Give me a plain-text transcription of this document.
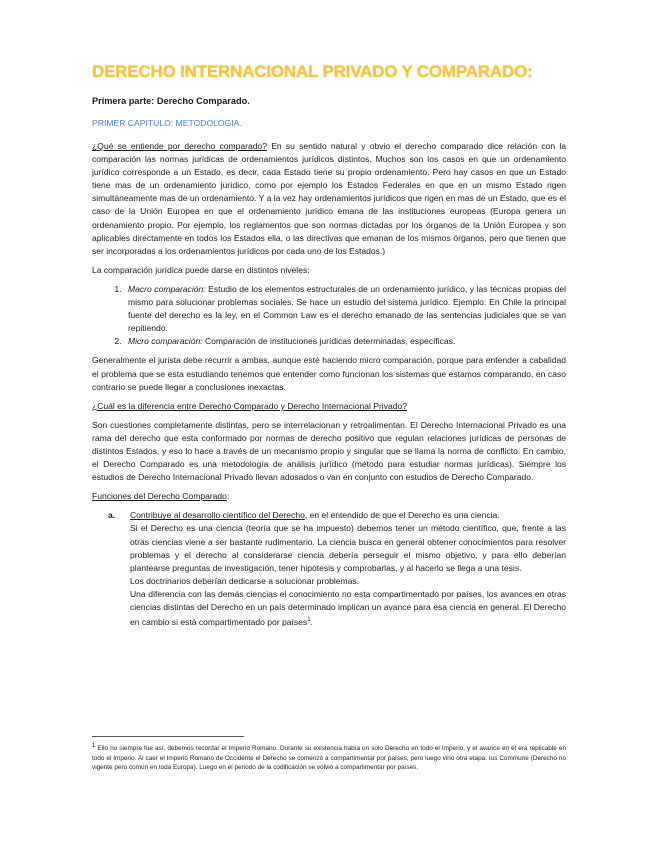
DERECHO INTERNACIONAL PRIVADO Y COMPARADO:
Primera parte: Derecho Comparado.
PRIMER CAPITULO: METODOLOGIA.

¿Qué se entiende por derecho comparado? En su sentido natural y obvio el derecho comparado dice relación con la comparación las normas jurídicas de ordenamientos jurídicos distintos. Muchos son los casos en que un ordenamiento jurídico corresponde a un Estado, es decir, cada Estado tiene su propio ordenamiento. Pero hay casos en que un Estado tiene mas de un ordenamiento jurídico, como por ejemplo los Estados Federales en que en un mismo Estado rigen simultáneamente mas de un ordenamiento. Y a la vez hay ordenamientos jurídicos que rigen en mas de un Estado, que es el caso de la Unión Europea en que el ordenamiento jurídico emana de las instituciones europeas (Europa genera un ordenamiento propio. Por ejemplo, los reglamentos que son normas dictadas por los órganos de la Unión Europea y son aplicables directamente en todos los Estados ella, o las directivas que emanan de los mismos órganos, pero que tienen que ser incorporadas a los ordenamientos jurídicos por cada uno de los Estados.)

La comparación jurídica puede darse en distintos niveles:

1. Macro comparación: Estudio de los elementos estructurales de un ordenamiento jurídico, y las técnicas propias del mismo para solucionar problemas sociales. Se hace un estudio del sistema jurídico. Ejemplo: En Chile la principal fuente del derecho es la ley, en el Common Law es el derecho emanado de las sentencias judiciales que se van repitiendo.
2. Micro comparación: Comparación de instituciones jurídicas determinadas, específicas.

Generalmente el jurista debe recurrir a ambas, aunque esté haciendo micro comparación, porque para entender a cabalidad el problema que se esta estudiando tenemos que entender como funcionan los sistemas que estamos comparando, en caso contrario se puede llegar a conclusiones inexactas.

¿Cuál es la diferencia entre Derecho Comparado y Derecho Internacional Privado?

Son cuestiones completamente distintas, pero se interrelacionan y retroalimentan. El Derecho Internacional Privado es una rama del derecho que esta conformado por normas de derecho positivo que regulan relaciones jurídicas de personas de distintos Estados, y eso lo hace a través de un mecanismo propio y singular que se llama la norma de conflicto. En cambio, el Derecho Comparado es una metodología de análisis jurídico (método para estudiar normas jurídicas). Siempre los estudios de Derecho Internacional Privado llevan adosados o van en conjunto con estudios de Derecho Comparado.

Funciones del Derecho Comparado:

a. Contribuye al desarrollo científico del Derecho, en el entendido de que el Derecho es una ciencia.
Si el Derecho es una ciencia (teoría que se ha impuesto) debemos tener un método científico, que, frente a las otras ciencias viene a ser bastante rudimentario. La ciencia busca en general obtener conocimientos para resolver problemas y el derecho al considerarse ciencia debería perseguir el mismo objetivo, y para ello deberían plantearse preguntas de investigación, tener hipótesis y comprobarlas, y al hacerlo se llega a una tesis.
Los doctrinarios deberían dedicarse a solucionar problemas.
Una diferencia con las demás ciencias el conocimiento no esta compartimentado por países, los avances en otras ciencias distintas del Derecho en un país determinado implican un avance para esa ciencia en general. El Derecho en cambio si está compartimentado por países$^1$.
$^1$ Ello no siempre fue así, debemos recordar el Imperio Romano. Durante su existencia había un solo Derecho en todo el Imperio, y el avance en él era replicable en todo el Imperio. Al caer el Imperio Romano de Occidente el Derecho se comenzó a compartimentar por países, pero luego vino otra etapa: Ius Commune (Derecho no vigente pero común en toda Europa). Luego en el periodo de la codificación se volvió a compartimentar por países.
